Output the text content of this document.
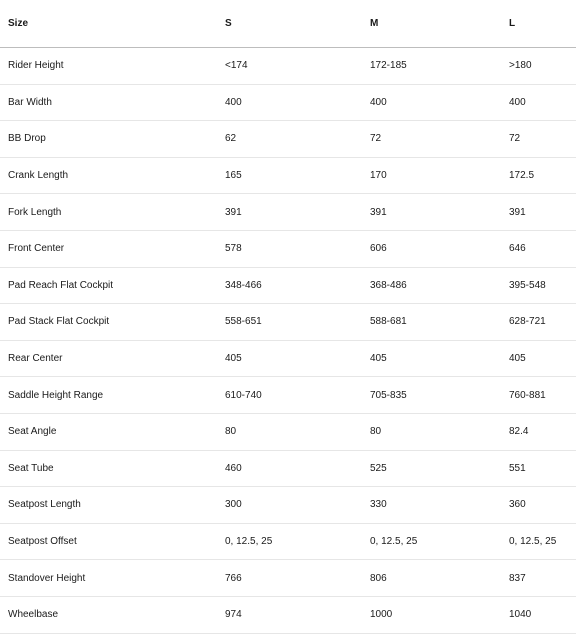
Size	S	M	L
Rider Height	<174	172-185	>180
Bar Width	400	400	400
BB Drop	62	72	72
Crank Length	165	170	172.5
Fork Length	391	391	391
Front Center	578	606	646
Pad Reach Flat Cockpit	348-466	368-486	395-548
Pad Stack Flat Cockpit	558-651	588-681	628-721
Rear Center	405	405	405
Saddle Height Range	610-740	705-835	760-881
Seat Angle	80	80	82.4
Seat Tube	460	525	551
Seatpost Length	300	330	360
Seatpost Offset	0, 12.5, 25	0, 12.5, 25	0, 12.5, 25
Standover Height	766	806	837
Wheelbase	974	1000	1040
